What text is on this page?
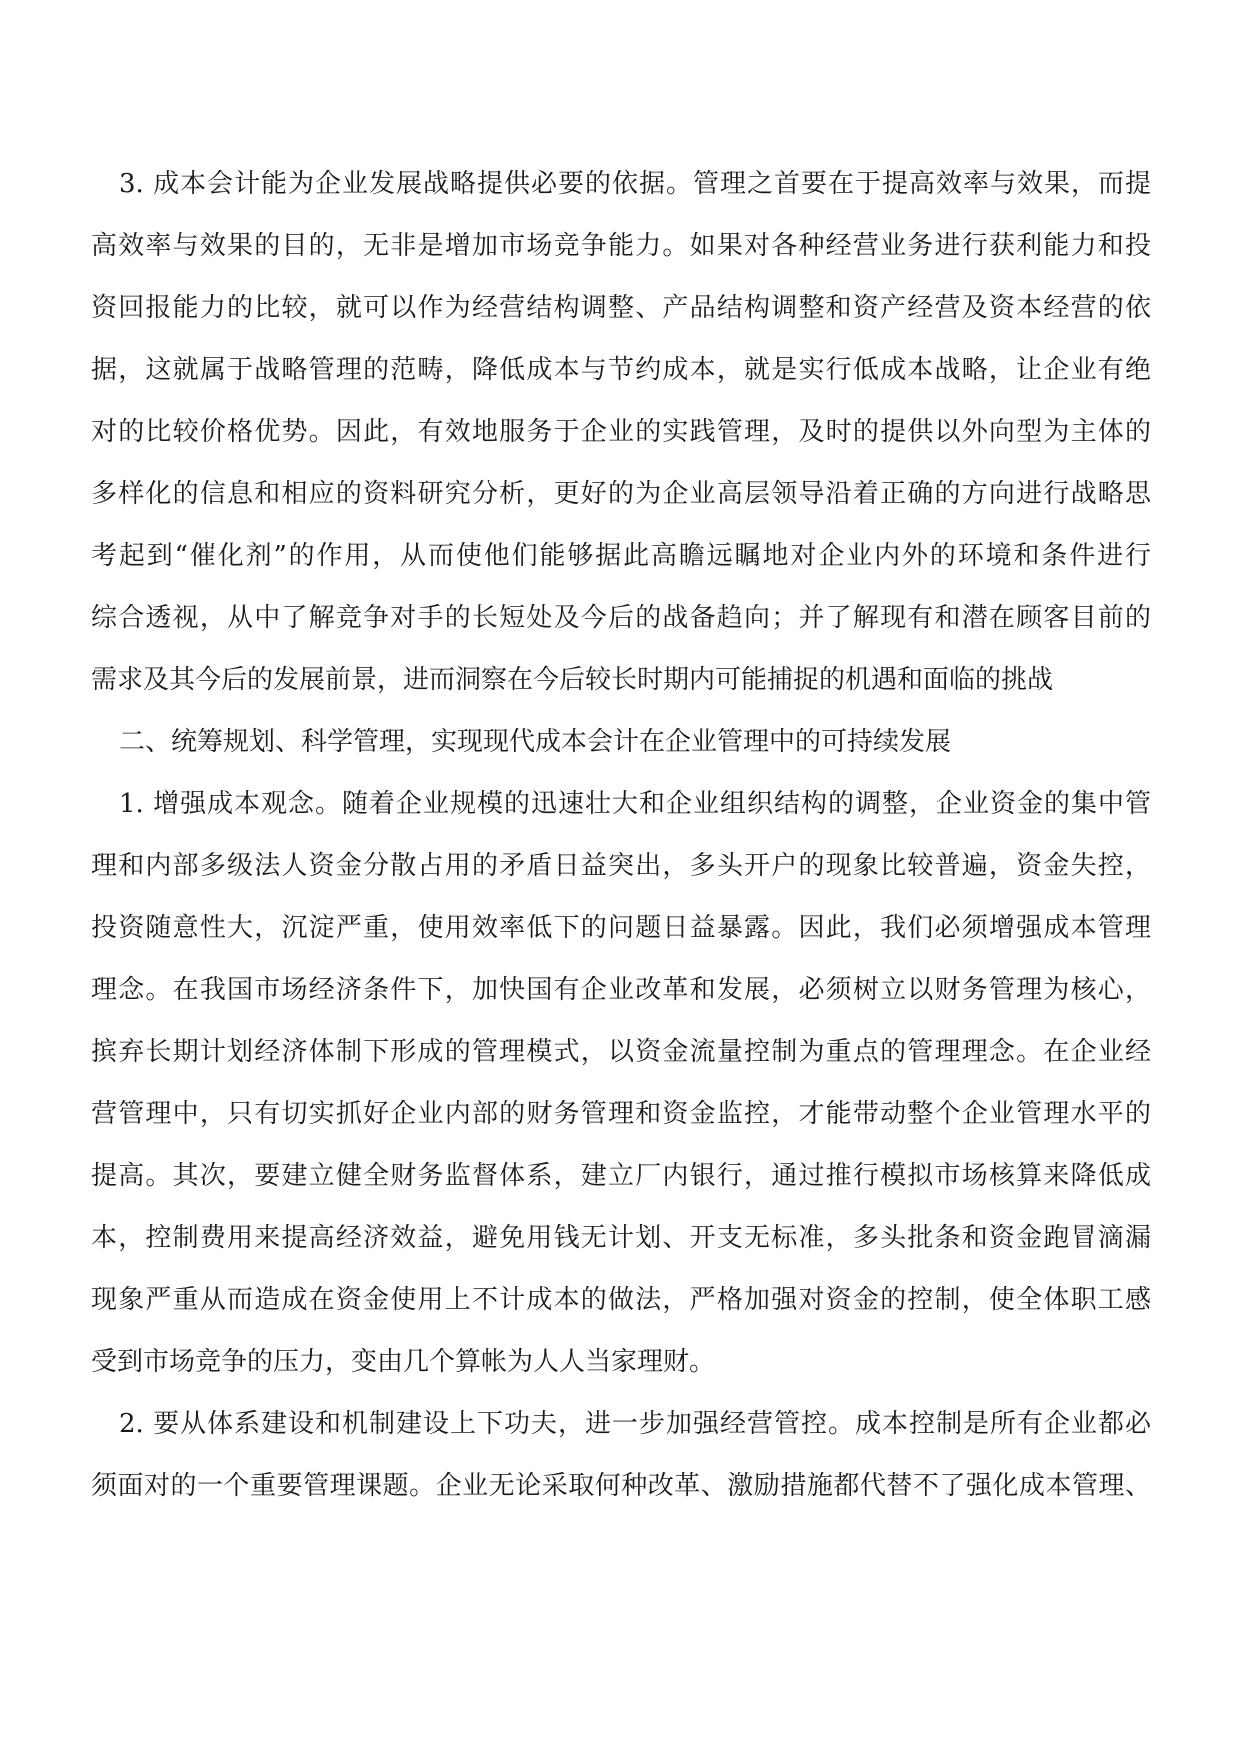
3. 成本会计能为企业发展战略提供必要的依据。管理之首要在于提高效率与效果，而提
高效率与效果的目的，无非是增加市场竞争能力。如果对各种经营业务进行获利能力和投
资回报能力的比较，就可以作为经营结构调整、产品结构调整和资产经营及资本经营的依
据，这就属于战略管理的范畴，降低成本与节约成本，就是实行低成本战略，让企业有绝
对的比较价格优势。因此，有效地服务于企业的实践管理，及时的提供以外向型为主体的
多样化的信息和相应的资料研究分析，更好的为企业高层领导沿着正确的方向进行战略思
考起到“催化剂”的作用，从而使他们能够据此高瞻远瞩地对企业内外的环境和条件进行
综合透视，从中了解竞争对手的长短处及今后的战备趋向；并了解现有和潜在顾客目前的
需求及其今后的发展前景，进而洞察在今后较长时期内可能捕捉的机遇和面临的挑战
二、统筹规划、科学管理，实现现代成本会计在企业管理中的可持续发展
1. 增强成本观念。随着企业规模的迅速壮大和企业组织结构的调整，企业资金的集中管
理和内部多级法人资金分散占用的矛盾日益突出，多头开户的现象比较普遍，资金失控，
投资随意性大，沉淀严重，使用效率低下的问题日益暴露。因此，我们必须增强成本管理
理念。在我国市场经济条件下，加快国有企业改革和发展，必须树立以财务管理为核心，
摈弃长期计划经济体制下形成的管理模式，以资金流量控制为重点的管理理念。在企业经
营管理中，只有切实抓好企业内部的财务管理和资金监控，才能带动整个企业管理水平的
提高。其次，要建立健全财务监督体系，建立厂内银行，通过推行模拟市场核算来降低成
本，控制费用来提高经济效益，避免用钱无计划、开支无标准，多头批条和资金跑冒滴漏
现象严重从而造成在资金使用上不计成本的做法，严格加强对资金的控制，使全体职工感
受到市场竞争的压力，变由几个算帐为人人当家理财。
2. 要从体系建设和机制建设上下功夫，进一步加强经营管控。成本控制是所有企业都必
须面对的一个重要管理课题。企业无论采取何种改革、激励措施都代替不了强化成本管理、
